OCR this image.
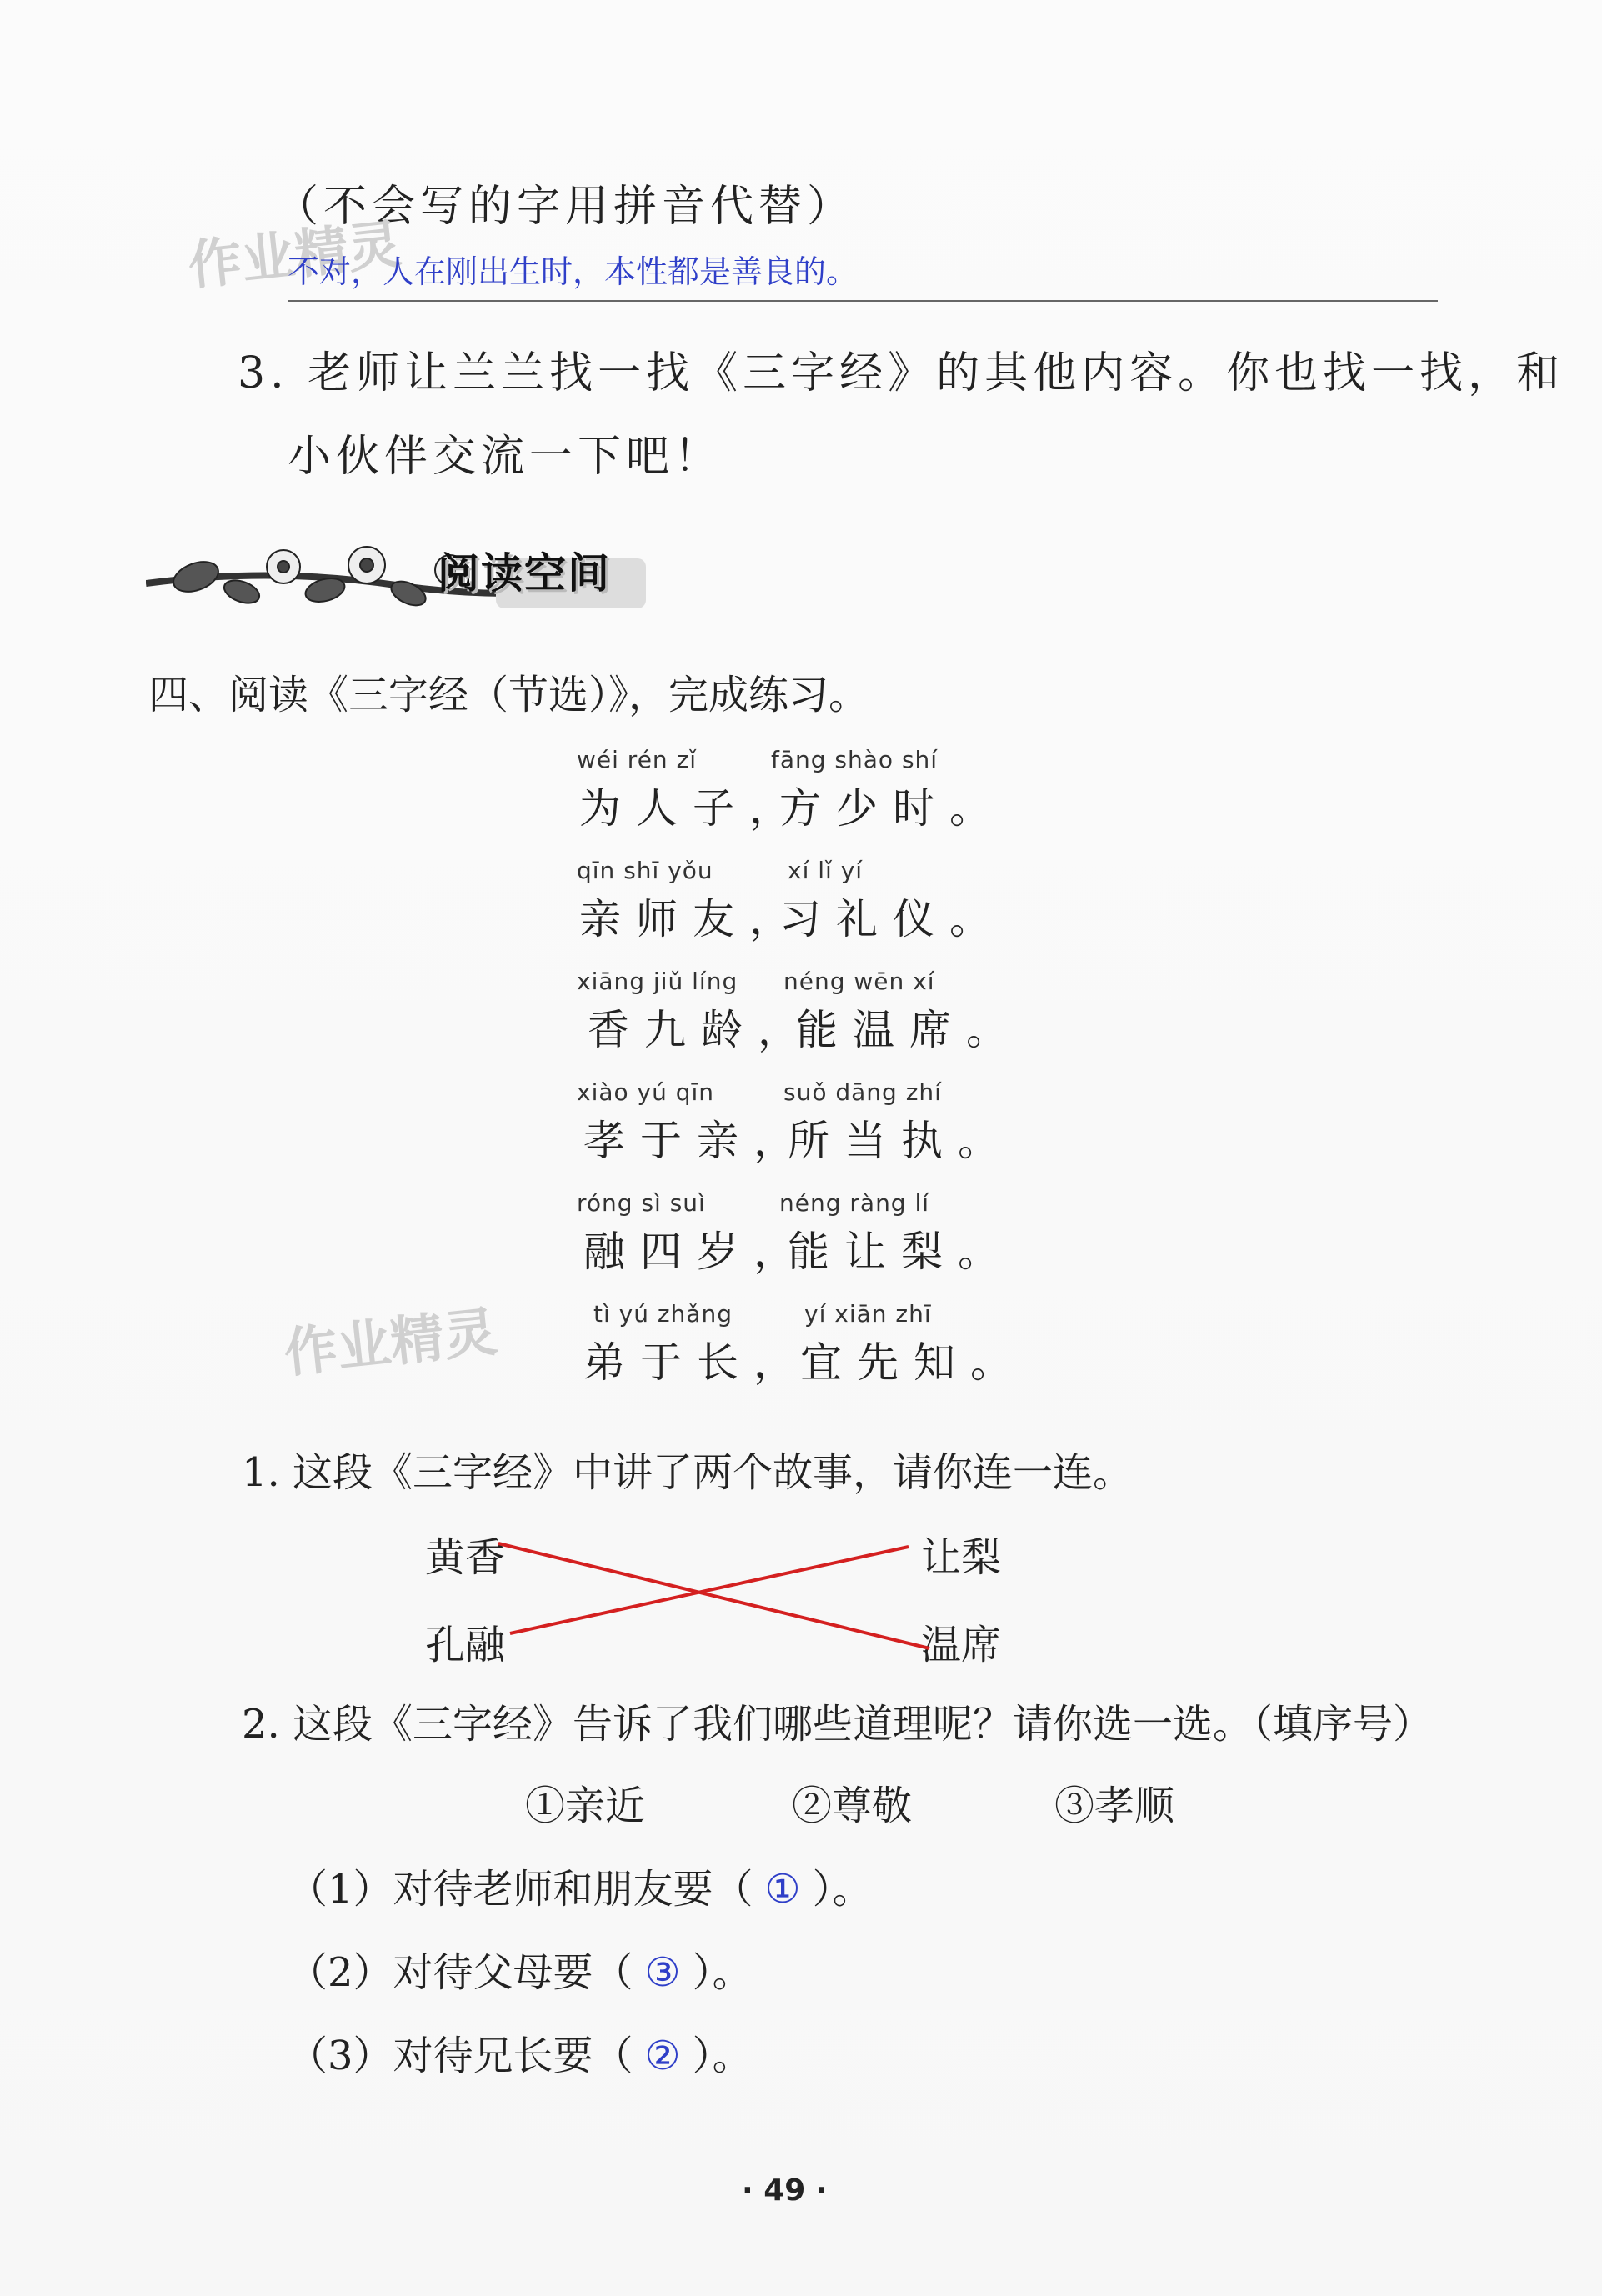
（不会写的字用拼音代替）
作业精灵
不对，人在刚出生时，本性都是善良的。
3. 老师让兰兰找一找《三字经》的其他内容。你也找一找，和
小伙伴交流一下吧！
阅读空间
四、阅读《三字经（节选）》，完成练习。
wéi rén zǐ	fāng shào shí
为人子，
方少时。
qīn shī yǒu	xí lǐ yí
亲师友，
习礼仪。
xiāng jiǔ líng néng wēn xí
香九龄，
能温席。
xiào yú qīn	suǒ dāng zhí
孝于亲，
所当执。
róng sì suì	néng ràng lí
融四岁，
能让梨。
作业精灵	tì yú zhǎng	yí xiān zhī
弟于长，
宜先知。
1. 这段《三字经》中讲了两个故事，请你连一连。
黄香
孔融
让梨
温席
2. 这段《三字经》告诉了我们哪些道理呢？请你选一选。（填序号）
①亲近	②尊敬	③孝顺
（1）对待老师和朋友要（ ① ）。
（2）对待父母要（ ③ ）。
（3）对待兄长要（ ② ）。
· 49 ·
